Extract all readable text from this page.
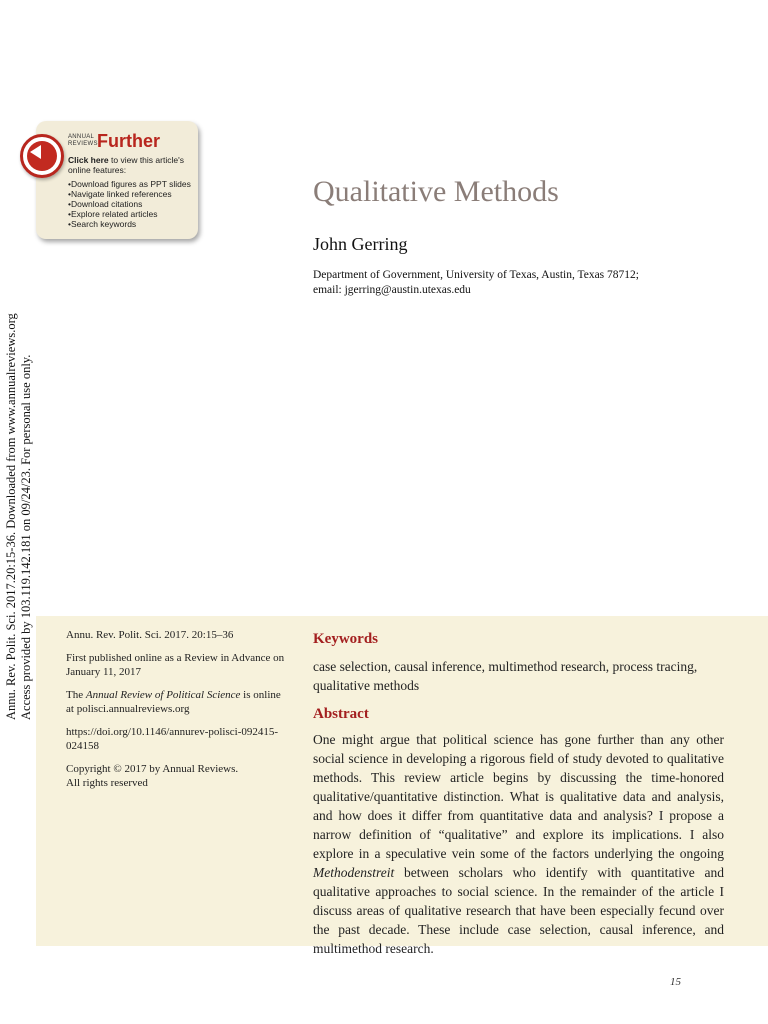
Annu. Rev. Polit. Sci. 2017.20:15-36. Downloaded from www.annualreviews.org Access provided by 103.119.142.181 on 09/24/23. For personal use only.
ANNUAL
REVIEWS Further
Click here to view this article's online features:
• Download figures as PPT slides
• Navigate linked references
• Download citations
• Explore related articles
• Search keywords
Qualitative Methods
John Gerring
Department of Government, University of Texas, Austin, Texas 78712;
email: jgerring@austin.utexas.edu

Annu. Rev. Polit. Sci. 2017. 20:15–36

First published online as a Review in Advance on January 11, 2017

The Annual Review of Political Science is online at polisci.annualreviews.org

https://doi.org/10.1146/annurev-polisci-092415-024158

Copyright © 2017 by Annual Reviews.
All rights reserved

Keywords
case selection, causal inference, multimethod research, process tracing, qualitative methods
Abstract
One might argue that political science has gone further than any other social science in developing a rigorous field of study devoted to qualitative methods. This review article begins by discussing the time-honored qualitative/quantitative distinction. What is qualitative data and analysis, and how does it differ from quantitative data and analysis? I propose a narrow definition of “qualitative” and explore its implications. I also explore in a speculative vein some of the factors underlying the ongoing Methodenstreit between scholars who identify with quantitative and qualitative approaches to social science. In the remainder of the article I discuss areas of qualitative research that have been especially fecund over the past decade. These include case selection, causal inference, and multimethod research.
15
